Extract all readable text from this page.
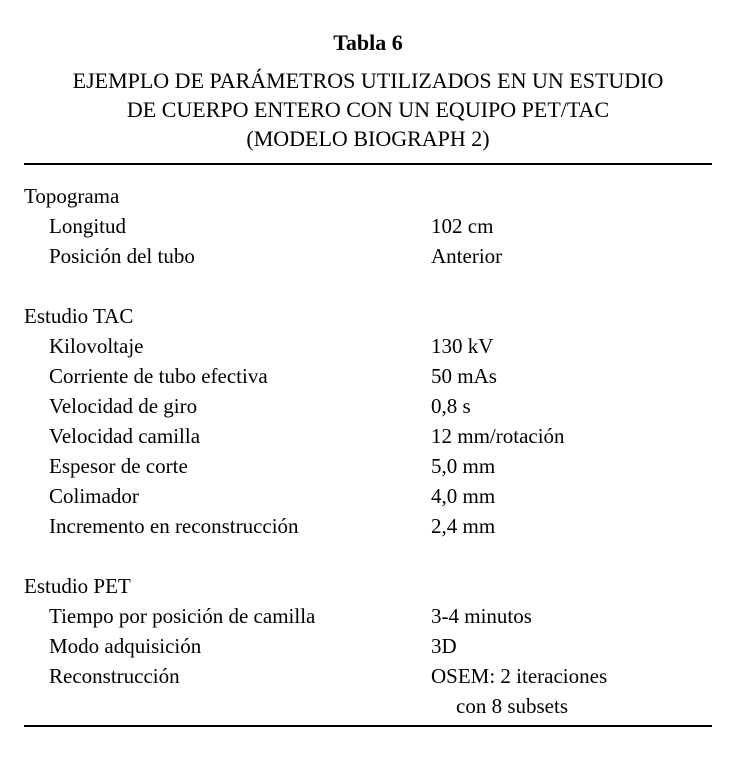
Tabla 6
EJEMPLO DE PARÁMETROS UTILIZADOS EN UN ESTUDIO
DE CUERPO ENTERO CON UN EQUIPO PET/TAC
(MODELO BIOGRAPH 2)
Topograma
Longitud	102 cm
Posición del tubo	Anterior
Estudio TAC
Kilovoltaje	130 kV
Corriente de tubo efectiva	50 mAs
Velocidad de giro	0,8 s
Velocidad camilla	12 mm/rotación
Espesor de corte	5,0 mm
Colimador	4,0 mm
Incremento en reconstrucción	2,4 mm
Estudio PET
Tiempo por posición de camilla	3-4 minutos
Modo adquisición	3D
Reconstrucción	OSEM: 2 iteraciones
con 8 subsets
